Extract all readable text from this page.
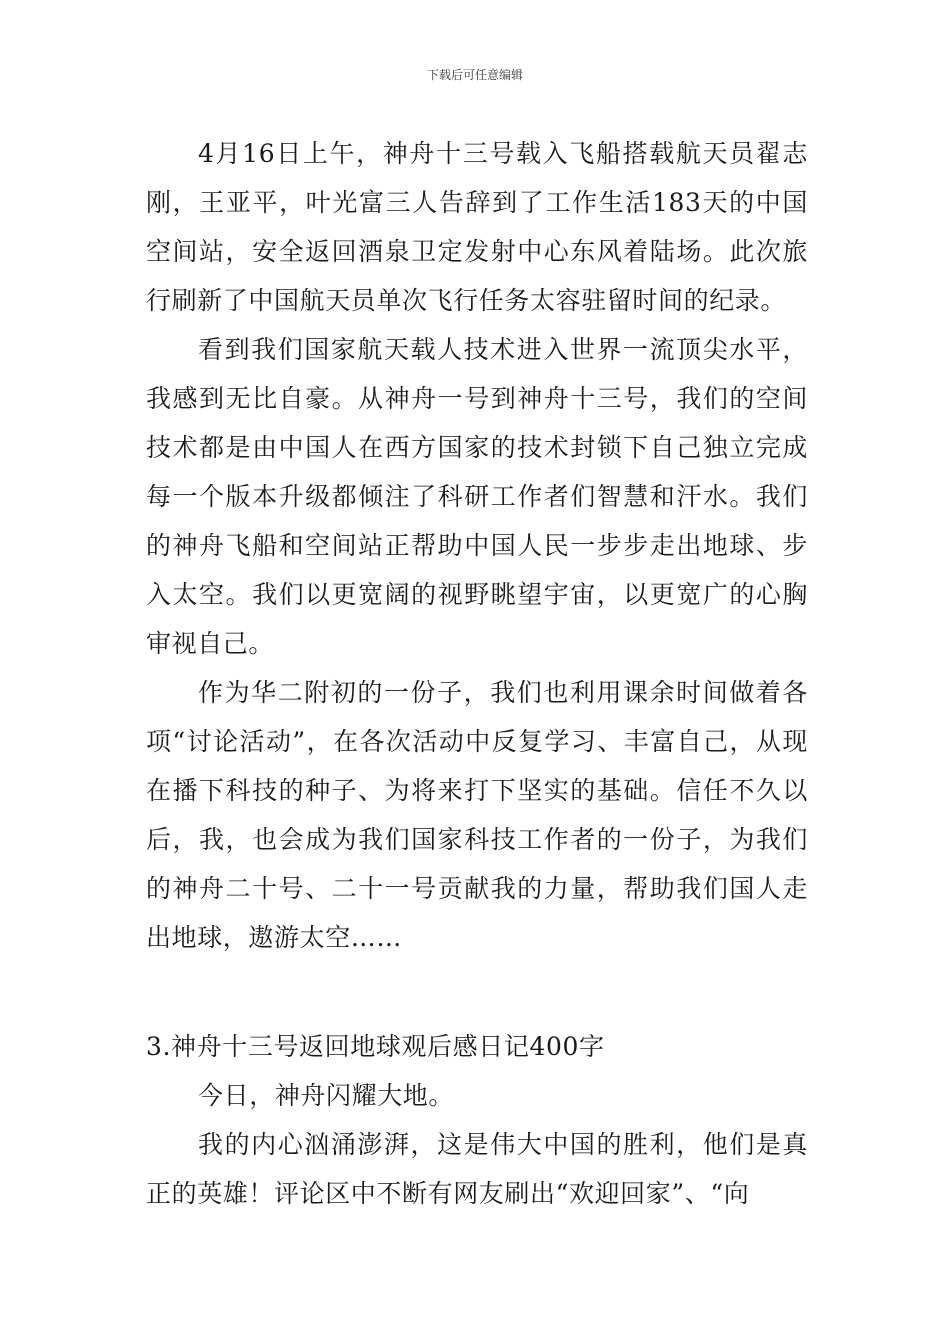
下载后可任意编辑

4月16日上午，神舟十三号载入飞船搭载航天员翟志刚，王亚平，叶光富三人告辞到了工作生活183天的中国空间站，安全返回酒泉卫定发射中心东风着陆场。此次旅行刷新了中国航天员单次飞行任务太容驻留时间的纪录。

看到我们国家航天载人技术进入世界一流顶尖水平，我感到无比自豪。从神舟一号到神舟十三号，我们的空间技术都是由中国人在西方国家的技术封锁下自己独立完成每一个版本升级都倾注了科研工作者们智慧和汗水。我们的神舟飞船和空间站正帮助中国人民一步步走出地球、步入太空。我们以更宽阔的视野眺望宇宙，以更宽广的心胸审视自己。

作为华二附初的一份子，我们也利用课余时间做着各项“讨论活动”，在各次活动中反复学习、丰富自己，从现在播下科技的种子、为将来打下坚实的基础。信任不久以后，我，也会成为我们国家科技工作者的一份子，为我们的神舟二十号、二十一号贡献我的力量，帮助我们国人走出地球，遨游太空……

3.神舟十三号返回地球观后感日记400字

今日，神舟闪耀大地。

我的内心汹涌澎湃，这是伟大中国的胜利，他们是真正的英雄！评论区中不断有网友刷出“欢迎回家”、“向
